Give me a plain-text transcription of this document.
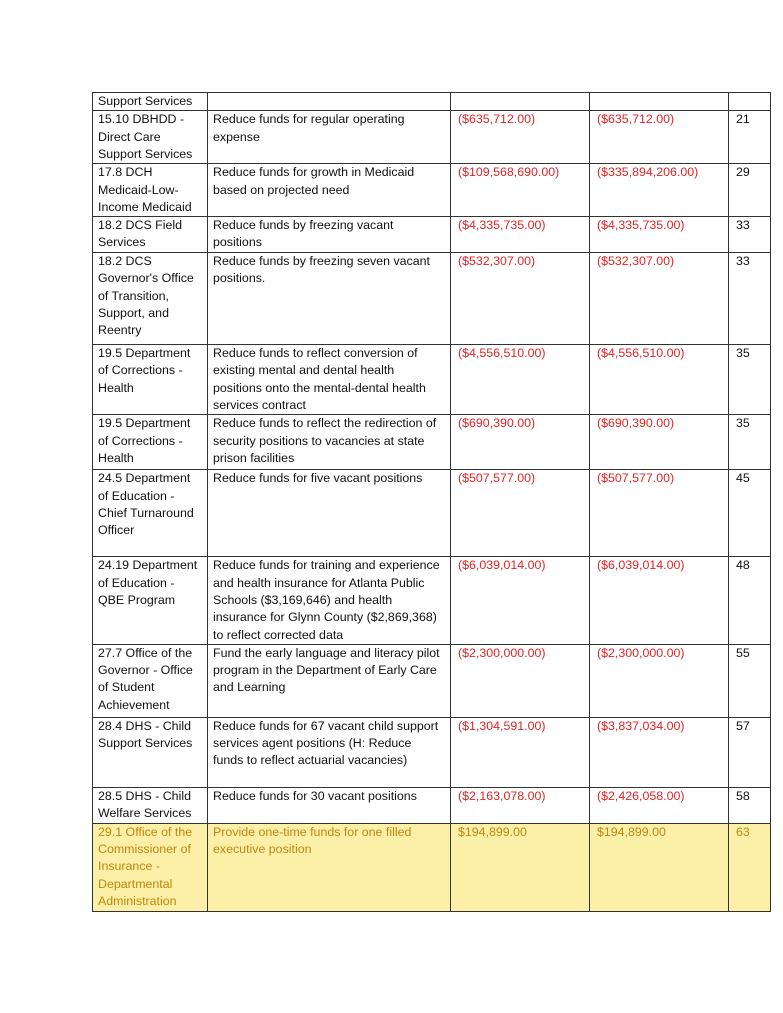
Support Services				
15.10 DBHDD - Direct Care Support Services	Reduce funds for regular operating expense	($635,712.00)	($635,712.00)	21
17.8 DCH Medicaid-Low-Income Medicaid	Reduce funds for growth in Medicaid based on projected need	($109,568,690.00)	($335,894,206.00)	29
18.2 DCS Field Services	Reduce funds by freezing vacant positions	($4,335,735.00)	($4,335,735.00)	33
18.2 DCS Governor's Office of Transition, Support, and Reentry	Reduce funds by freezing seven vacant positions.	($532,307.00)	($532,307.00)	33
19.5 Department of Corrections - Health	Reduce funds to reflect conversion of existing mental and dental health positions onto the mental-dental health services contract	($4,556,510.00)	($4,556,510.00)	35
19.5 Department of Corrections - Health	Reduce funds to reflect the redirection of security positions to vacancies at state prison facilities	($690,390.00)	($690,390.00)	35
24.5 Department of Education - Chief Turnaround Officer	Reduce funds for five vacant positions	($507,577.00)	($507,577.00)	45
24.19 Department of Education - QBE Program	Reduce funds for training and experience and health insurance for Atlanta Public Schools ($3,169,646) and health insurance for Glynn County ($2,869,368) to reflect corrected data	($6,039,014.00)	($6,039,014.00)	48
27.7 Office of the Governor - Office of Student Achievement	Fund the early language and literacy pilot program in the Department of Early Care and Learning	($2,300,000.00)	($2,300,000.00)	55
28.4 DHS - Child Support Services	Reduce funds for 67 vacant child support services agent positions (H: Reduce funds to reflect actuarial vacancies)	($1,304,591.00)	($3,837,034.00)	57
28.5 DHS - Child Welfare Services	Reduce funds for 30 vacant positions	($2,163,078.00)	($2,426,058.00)	58
29.1 Office of the Commissioner of Insurance - Departmental Administration	Provide one-time funds for one filled executive position	$194,899.00	$194,899.00	63
